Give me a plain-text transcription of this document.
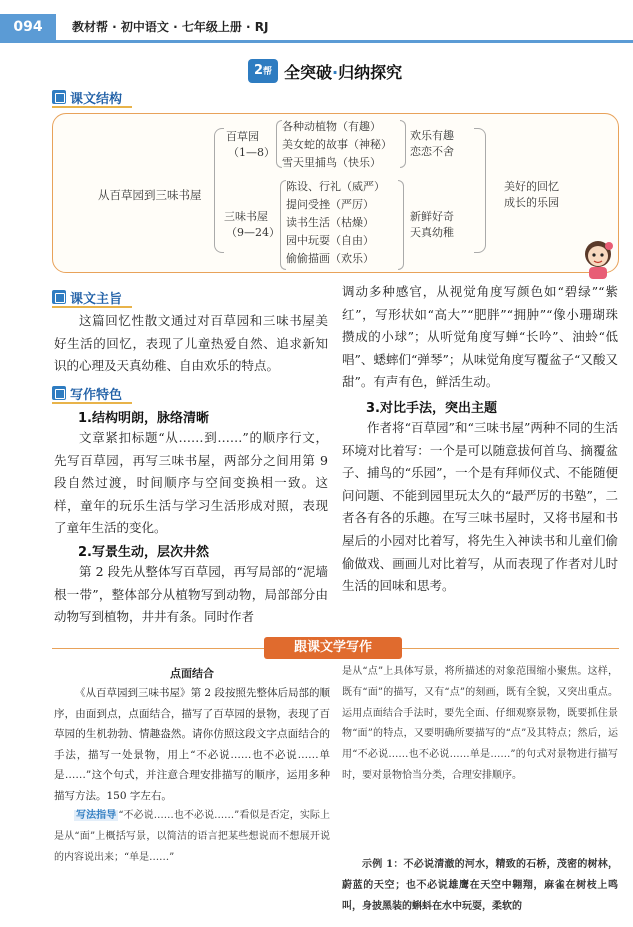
094	教材帮 · 初中语文 · 七年级上册 · RJ
2帮 全突破·归纳探究
课文结构
从百草园到三味书屋
百草园
（1—8）
各种动植物（有趣）
美女蛇的故事（神秘）
雪天里捕鸟（快乐）
欢乐有趣
恋恋不舍
三味书屋
（9—24）
陈设、行礼（威严）
提问受挫（严厉）
读书生活（枯燥）
园中玩耍（自由）
偷偷描画（欢乐）
新鲜好奇
天真幼稚
美好的回忆
成长的乐园
课文主旨
这篇回忆性散文通过对百草园和三味书屋美好生活的回忆，表现了儿童热爱自然、追求新知识的心理及天真幼稚、自由欢乐的特点。
写作特色
1.结构明朗，脉络清晰
文章紧扣标题“从……到……”的顺序行文，先写百草园，再写三味书屋，两部分之间用第 9 段自然过渡，时间顺序与空间变换相一致。这样，童年的玩乐生活与学习生活形成对照，表现了童年生活的变化。
2.写景生动，层次井然
第 2 段先从整体写百草园，再写局部的“泥墙根一带”，整体部分从植物写到动物，局部部分由动物写到植物，井井有条。同时作者
调动多种感官，从视觉角度写颜色如“碧绿”“紫红”，写形状如“高大”“肥胖”“拥肿”“像小珊瑚珠攒成的小球”；从听觉角度写蝉“长吟”、油蛉“低唱”、蟋蟀们“弹琴”；从味觉角度写覆盆子“又酸又甜”。有声有色，鲜活生动。
3.对比手法，突出主题
作者将“百草园”和“三味书屋”两种不同的生活环境对比着写：一个是可以随意拔何首乌、摘覆盆子、捕鸟的“乐园”，一个是有拜师仪式、不能随便问问题、不能到园里玩太久的“最严厉的书塾”，二者各有各的乐趣。在写三味书屋时，又将书屋和书屋后的小园对比着写，将先生入神读书和儿童们偷偷做戏、画画儿对比着写，从而表现了作者对儿时生活的回味和思考。
跟课文学写作
点面结合
《从百草园到三味书屋》第 2 段按照先整体后局部的顺序，由面到点，点面结合，描写了百草园的景物，表现了百草园的生机勃勃、情趣盎然。请你仿照这段文字点面结合的手法，描写一处景物，用上“不必说……也不必说……单是……”这个句式，并注意合理安排描写的顺序，运用多种描写方法。150 字左右。
写法指导 “不必说……也不必说……”看似是否定，实际上是从“面”上概括写景，以简洁的语言把某些想说而不想展开说的内容说出来；“单是……”
是从“点”上具体写景，将所描述的对象范围缩小聚焦。这样，既有“面”的描写，又有“点”的刻画，既有全貌，又突出重点。运用点面结合手法时，要先全面、仔细观察景物，既要抓住景物“面”的特点，又要明确所要描写的“点”及其特点；然后，运用“不必说……也不必说……单是……”的句式对景物进行描写时，要对景物恰当分类，合理安排顺序。
示例 1：不必说清澈的河水，精致的石桥，茂密的树林，蔚蓝的天空；也不必说雄鹰在天空中翱翔，麻雀在树枝上鸣叫，身披黑装的蝌蚪在水中玩耍，柔软的
